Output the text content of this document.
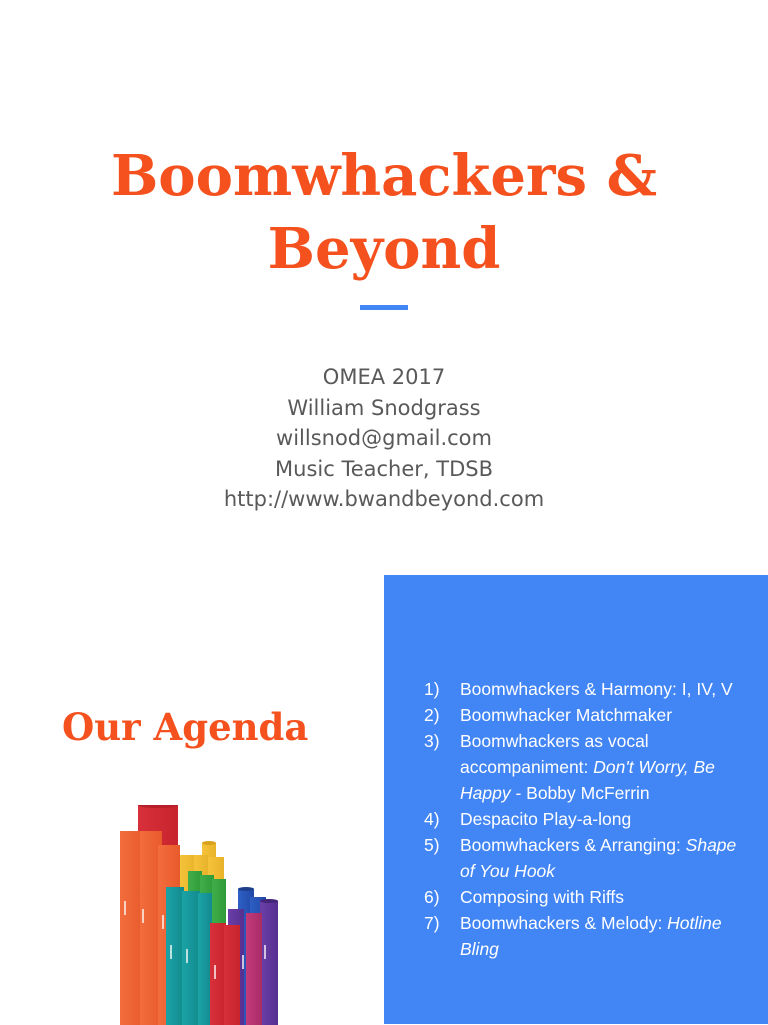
Boomwhackers &
Beyond
OMEA 2017
William Snodgrass
willsnod@gmail.com
Music Teacher, TDSB
http://www.bwandbeyond.com
Our Agenda
1)	Boomwhackers & Harmony: I, IV, V
2)	Boomwhacker Matchmaker
3)	Boomwhackers as vocal accompaniment: Don't Worry, Be Happy - Bobby McFerrin
4)	Despacito Play-a-long
5)	Boomwhackers & Arranging: Shape of You Hook
6)	Composing with Riffs
7)	Boomwhackers & Melody: Hotline Bling
